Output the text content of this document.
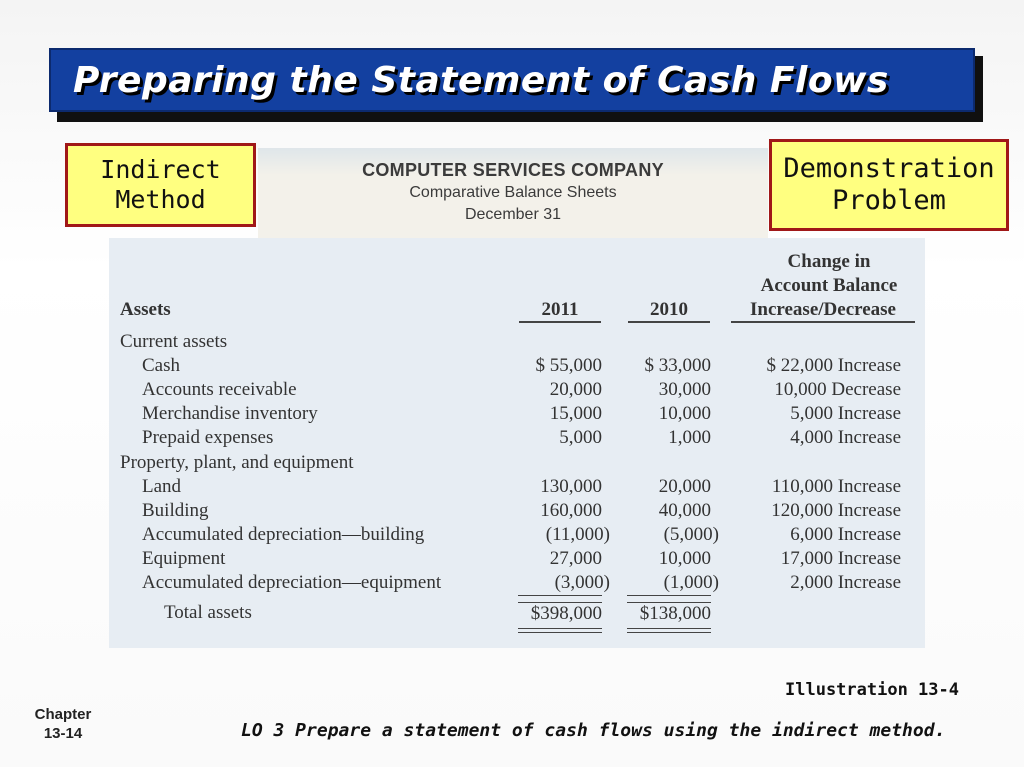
Preparing the Statement of Cash Flows
Indirect
Method
Demonstration
Problem
COMPUTER SERVICES COMPANY
Comparative Balance Sheets
December 31
Change in
Account Balance
Increase/Decrease
Assets	2011	2010
Current assets
Cash	$ 55,000	$ 33,000	$ 22,000 Increase
Accounts receivable	20,000	30,000	10,000 Decrease
Merchandise inventory	15,000	10,000	5,000 Increase
Prepaid expenses	5,000	1,000	4,000 Increase
Property, plant, and equipment
Land	130,000	20,000	110,000 Increase
Building	160,000	40,000	120,000 Increase
Accumulated depreciation—building	(11,000)	(5,000)	6,000 Increase
Equipment	27,000	10,000	17,000 Increase
Accumulated depreciation—equipment	(3,000)	(1,000)	2,000 Increase
Total assets	$398,000	$138,000
Illustration 13-4
Chapter
13-14	LO 3 Prepare a statement of cash flows using the indirect method.
